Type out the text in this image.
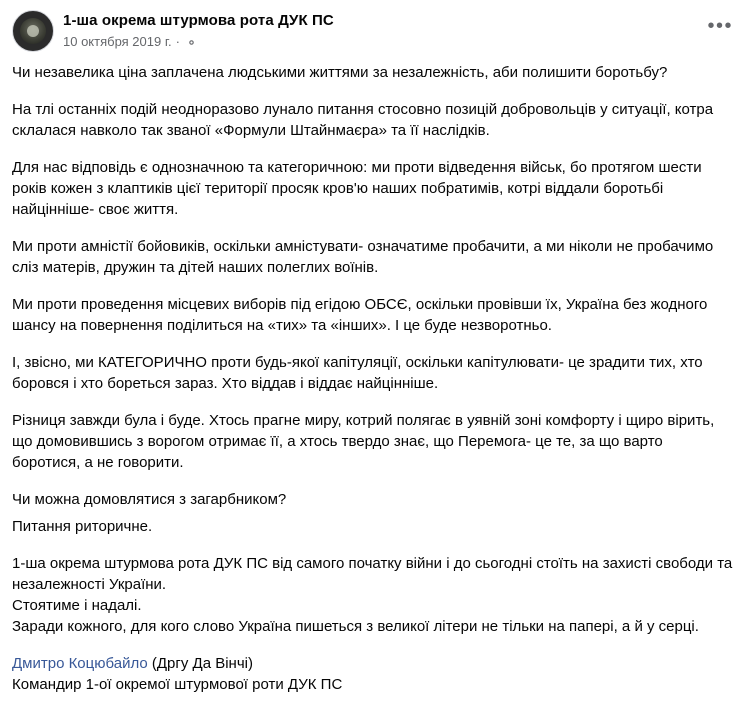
1-ша окрема штурмова рота ДУК ПС
10 октября 2019 г. ·
•••

Чи незавелика ціна заплачена людськими життями за незалежність, аби полишити боротьбу?

На тлі останніх подій неодноразово лунало питання стосовно позицій добровольців у ситуації, котра склалася навколо так званої «Формули Штайнмаєра» та її наслідків.

Для нас відповідь є однозначною та категоричною: ми проти відведення військ, бо протягом шести років кожен з клаптиків цієї території просяк кров'ю наших побратимів, котрі віддали боротьбі найцінніше- своє життя.

Ми проти амністії бойовиків, оскільки амністувати- означатиме пробачити, а ми ніколи не пробачимо сліз матерів, дружин та дітей наших полеглих воїнів.

Ми проти проведення місцевих виборів під егідою ОБСЄ, оскільки провівши їх, Україна без жодного шансу на повернення поділиться на «тих» та «інших». І це буде незворотньо.

І, звісно, ми КАТЕГОРИЧНО проти будь-якої капітуляції, оскільки капітулювати- це зрадити тих, хто боровся і хто бореться зараз. Хто віддав і віддає найцінніше.

Різниця завжди була і буде. Хтось прагне миру, котрий полягає в уявній зоні комфорту і щиро вірить, що домовившись з ворогом отримає її, а хтось твердо знає, що Перемога- це те, за що варто боротися, а не говорити.

Чи можна домовлятися з загарбником?

Питання риторичне.

1-ша окрема штурмова рота ДУК ПС від самого початку війни і до сьогодні стоїть на захисті свободи та незалежності України.

Стоятиме і надалі.

Заради кожного, для кого слово Україна пишеться з великої літери не тільки на папері, а й у серці.

Дмитро Коцюбайло (Дргу Да Вінчі)

Командир 1-ої окремої штурмової роти ДУК ПС
